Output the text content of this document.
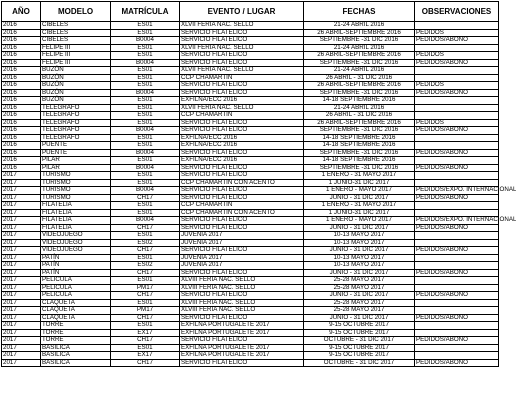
AÑO	MODELO	MATRÍCULA	EVENTO / LUGAR	FECHAS	OBSERVACIONES
2016	CIBELES	ES01	XLVII FERIA NAC. SELLO	21-24 ABRIL 2016	
2016	CIBELES	ES01	SERVICIO FILATELICO	26 ABRIL-SEPTIEMBRE 2016	PEDIDOS
2016	CIBELES	B0004	SERVICIO FILATELICO	SEPTIEMBRE -31 DIC 2016	PEDIDOS/ABONO
2016	FELIPE III	ES01	XLVII FERIA NAC. SELLO	21-24 ABRIL 2016	
2016	FELIPE III	ES01	SERVICIO FILATELICO	26 ABRIL-SEPTIEMBRE 2016	PEDIDOS
2016	FELIPE III	B0004	SERVICIO FILATELICO	SEPTIEMBRE -31 DIC 2016	PEDIDOS/ABONO
2016	BUZÓN	ES01	XLVII FERIA NAC. SELLO	21-24 ABRIL 2016	
2016	BUZÓN	ES01	CCP CHAMARTIN	26 ABRIL - 31 DIC 2016	
2016	BUZÓN	ES01	SERVICIO FILATELICO	26 ABRIL-SEPTIEMBRE 2016	PEDIDOS
2016	BUZÓN	B0004	SERVICIO FILATELICO	SEPTIEMBRE -31 DIC 2016	PEDIDOS/ABONO
2016	BUZÓN	ES01	EXFILNA/ECC 2016	14-18 SEPTIEMBRE 2016	
2016	TELEGRAFO	ES01	XLVII FERIA NAC. SELLO	21-24 ABRIL 2016	
2016	TELEGRAFO	ES01	CCP CHAMARTIN	26 ABRIL - 31 DIC 2016	
2016	TELEGRAFO	ES01	SERVICIO FILATELICO	26 ABRIL-SEPTIEMBRE 2016	PEDIDOS
2016	TELEGRAFO	B0004	SERVICIO FILATELICO	SEPTIEMBRE -31 DIC 2016	PEDIDOS/ABONO
2016	TELEGRAFO	ES01	EXFILNA/ECC 2016	14-18 SEPTIEMBRE 2016	
2016	PUENTE	ES01	EXFILNA/ECC 2016	14-18 SEPTIEMBRE 2016	
2016	PUENTE	B0004	SERVICIO FILATELICO	SEPTIEMBRE -31 DIC 2016	PEDIDOS/ABONO
2016	PILAR	ES01	EXFILNA/ECC 2016	14-18 SEPTIEMBRE 2016	
2016	PILAR	B0004	SERVICIO FILATELICO	SEPTIEMBRE -31 DIC 2016	PEDIDOS/ABONO
2017	TURISMO	ES01	SERVICIO FILATELICO	1 ENERO - 31 MAYO 2017	
2017	TURISMO	ES01	CCP CHAMARTIN CON ACENTO	1 JUNIO-31 DIC 2017	
2017	TURISMO	B0004	SERVICIO FILATELICO	1 ENERO - MAYO 2017	PEDIDOS/EXPO. INTERNACIONAL
2017	TURISMO	CH17	SERVICIO FILATELICO	JUNIO - 31 DIC 2017	PEDIDOS/ABONO
2017	FILATELIA	ES01	CCP CHAMARTIN	1 ENERO - 31 MAYO 2017	
2017	FILATELIA	ES01	CCP CHAMARTIN CON ACENTO	1 JUNIO-31 DIC 2017	
2017	FILATELIA	B0004	SERVICIO FILATELICO	1 ENERO - MAYO 2017	PEDIDOS/EXPO. INTERNACIONAL
2017	FILATELIA	CH17	SERVICIO FILATELICO	JUNIO - 31 DIC 2017	PEDIDOS/ABONO
2017	VIDEOJUEGO	ES01	JUVENIA 2017	10-13 MAYO 2017	
2017	VIDEOJUEGO	ES02	JUVENIA 2017	10-13 MAYO 2017	
2017	VIDEOJUEGO	CH17	SERVICIO FILATELICO	JUNIO - 31 DIC 2017	PEDIDOS/ABONO
2017	PATÍN	ES01	JUVENIA 2017	10-13 MAYO 2017	
2017	PATÍN	ES02	JUVENIA 2017	10-13 MAYO 2017	
2017	PATÍN	CH17	SERVICIO FILATELICO	JUNIO - 31 DIC 2017	PEDIDOS/ABONO
2017	PELICULA	ES01	XLVIII FERIA NAC. SELLO	25-28 MAYO 2017	
2017	PELICULA	PM17	XLVIII FERIA NAC. SELLO	25-28 MAYO 2017	
2017	PELICULA	CH17	SERVICIO FILATELICO	JUNIO - 31 DIC 2017	PEDIDOS/ABONO
2017	CLAQUETA	ES01	XLVIII FERIA NAC. SELLO	25-28 MAYO 2017	
2017	CLAQUETA	PM17	XLVIII FERIA NAC. SELLO	25-28 MAYO 2017	
2017	CLAQUETA	CH17	SERVICIO FILATELICO	JUNIO - 31 DIC 2017	PEDIDOS/ABONO
2017	TORRE	ES01	EXFILNA PORTUGALETE 2017	9-15 OCTUBRE 2017	
2017	TORRE	EX17	EXFILNA PORTUGALETE 2017	9-15 OCTUBRE 2017	
2017	TORRE	CH17	SERVICIO FILATELICO	OCTUBRE - 31 DIC 2017	PEDIDOS/ABONO
2017	BASILICA	ES01	EXFILNA PORTUGALETE 2017	9-15 OCTUBRE 2017	
2017	BASILICA	EX17	EXFILNA PORTUGALETE 2017	9-15 OCTUBRE 2017	
2017	BASILICA	CH17	SERVICIO FILATELICO	OCTUBRE - 31 DIC 2017	PEDIDOS/ABONO
